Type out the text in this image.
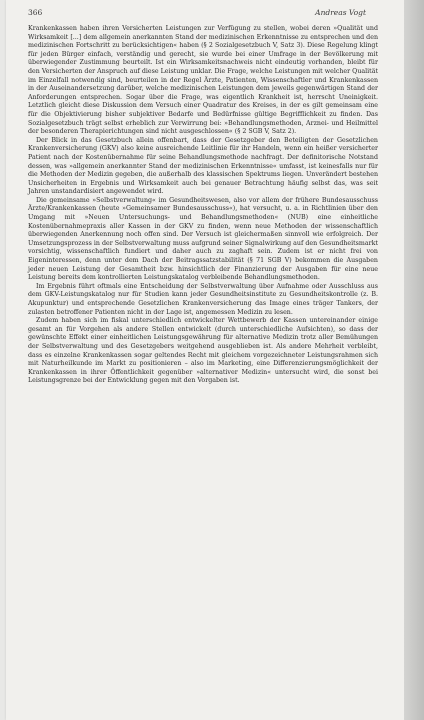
366	Andreas Vogt

Krankenkassen haben ihren Versicherten Leistungen zur Verfügung zu stellen, wobei deren »Qualität und Wirksamkeit [...] dem allgemein anerkannten Stand der medizinischen Erkenntnisse zu entsprechen und den medizinischen Fortschritt zu berücksichtigen« haben (§ 2 Sozialgesetzbuch V, Satz 3). Diese Regelung klingt für jeden Bürger einfach, verständig und gerecht, sie wurde bei einer Umfrage in der Bevölkerung mit überwiegender Zustimmung beurteilt. Ist ein Wirksamkeitsnachweis nicht eindeutig vorhanden, bleibt für den Versicherten der Anspruch auf diese Leistung unklar. Die Frage, welche Leistungen mit welcher Qualität im Einzelfall notwendig sind, beurteilen in der Regel Ärzte, Patienten, Wissenschaftler und Krankenkassen in der Auseinandersetzung darüber, welche medizinischen Leistungen dem jeweils gegenwärtigen Stand der Anforderungen entsprechen. Sogar über die Frage, was eigentlich Krankheit ist, herrscht Uneinigkeit. Letztlich gleicht diese Diskussion dem Versuch einer Quadratur des Kreises, in der es gilt gemeinsam eine für die Objektivierung bisher subjektiver Bedarfe und Bedürfnisse gültige Begrifflichkeit zu finden. Das Sozialgesetzbuch trägt selbst erheblich zur Verwirrung bei: »Behandlungsmethoden, Arznei- und Heilmittel der besonderen Therapierichtungen sind nicht ausgeschlossen« (§ 2 SGB V, Satz 2).

Der Blick in das Gesetzbuch allein offenbart, dass der Gesetzgeber den Beteiligten der Gesetzlichen Krankenversicherung (GKV) also keine ausreichende Leitlinie für ihr Handeln, wenn ein heißer versicherter Patient nach der Kostenübernahme für seine Behandlungsmethode nachfragt. Der definitorische Notstand dessen, was »allgemein anerkannter Stand der medizinischen Erkenntnisse« umfasst, ist keinesfalls nur für die Methoden der Medizin gegeben, die außerhalb des klassischen Spektrums liegen. Unverändert bestehen Unsicherheiten in Ergebnis und Wirksamkeit auch bei genauer Betrachtung häufig selbst das, was seit Jahren unstandardisiert angewendet wird.

Die gemeinsame »Selbstverwaltung« im Gesundheitswesen, also vor allem der frühere Bundesausschuss Ärzte/Krankenkassen (heute »Gemeinsamer Bundesausschuss«), hat versucht, u. a. in Richtlinien über den Umgang mit »Neuen Untersuchungs- und Behandlungsmethoden« (NUB) eine einheitliche Kostenübernahmepraxis aller Kassen in der GKV zu finden, wenn neue Methoden der wissenschaftlich überwiegenden Anerkennung noch offen sind. Der Versuch ist gleichermaßen sinnvoll wie erfolgreich. Der Umsetzungsprozess in der Selbstverwaltung muss aufgrund seiner Signalwirkung auf den Gesundheitsmarkt vorsichtig, wissenschaftlich fundiert und daher auch zu zaghaft sein. Zudem ist er nicht frei von Eigeninteressen, denn unter dem Dach der Beitragssatzstabilität (§ 71 SGB V) bekommen die Ausgaben jeder neuen Leistung der Gesamtheit bzw. hinsichtlich der Finanzierung der Ausgaben für eine neue Leistung bereits dem kontrollierten Leistungskatalog verbleibende Behandlungsmethoden.

Im Ergebnis führt oftmals eine Entscheidung der Selbstverwaltung über Aufnahme oder Ausschluss aus dem GKV-Leistungskatalog nur für Studien kann jeder Gesundheitsinstitute zu Gesundheitskontrolle (z. B. Akupunktur) und entsprechende Gesetzlichen Krankenversicherung das Image eines träger Tankers, der zulasten betroffener Patienten nicht in der Lage ist, angemessen Medizin zu lesen.

Zudem haben sich im fiskal unterschiedlich entwickelter Wettbewerb der Kassen untereinander einige gesamt an für Vorgehen als andere Stellen entwickelt (durch unterschiedliche Aufsichten), so dass der gewünschte Effekt einer einheitlichen Leistungsgewährung für alternative Medizin trotz aller Bemühungen der Selbstverwaltung und des Gesetzgebers weitgehend ausgeblieben ist. Als andere Mehrheit verbleibt, dass es einzelne Krankenkassen sogar geltendes Recht mit gleichem vorgezeichneter Leistungsrahmen sich mit Naturheilkunde im Markt zu positionieren – also im Marketing, eine Differenzierungsmöglichkeit der Krankenkassen in ihrer Öffentlichkeit gegenüber »alternativer Medizin« untersucht wird, die sonst bei Leistungsgrenze bei der Entwicklung gegen mit den Vorgaben ist.
